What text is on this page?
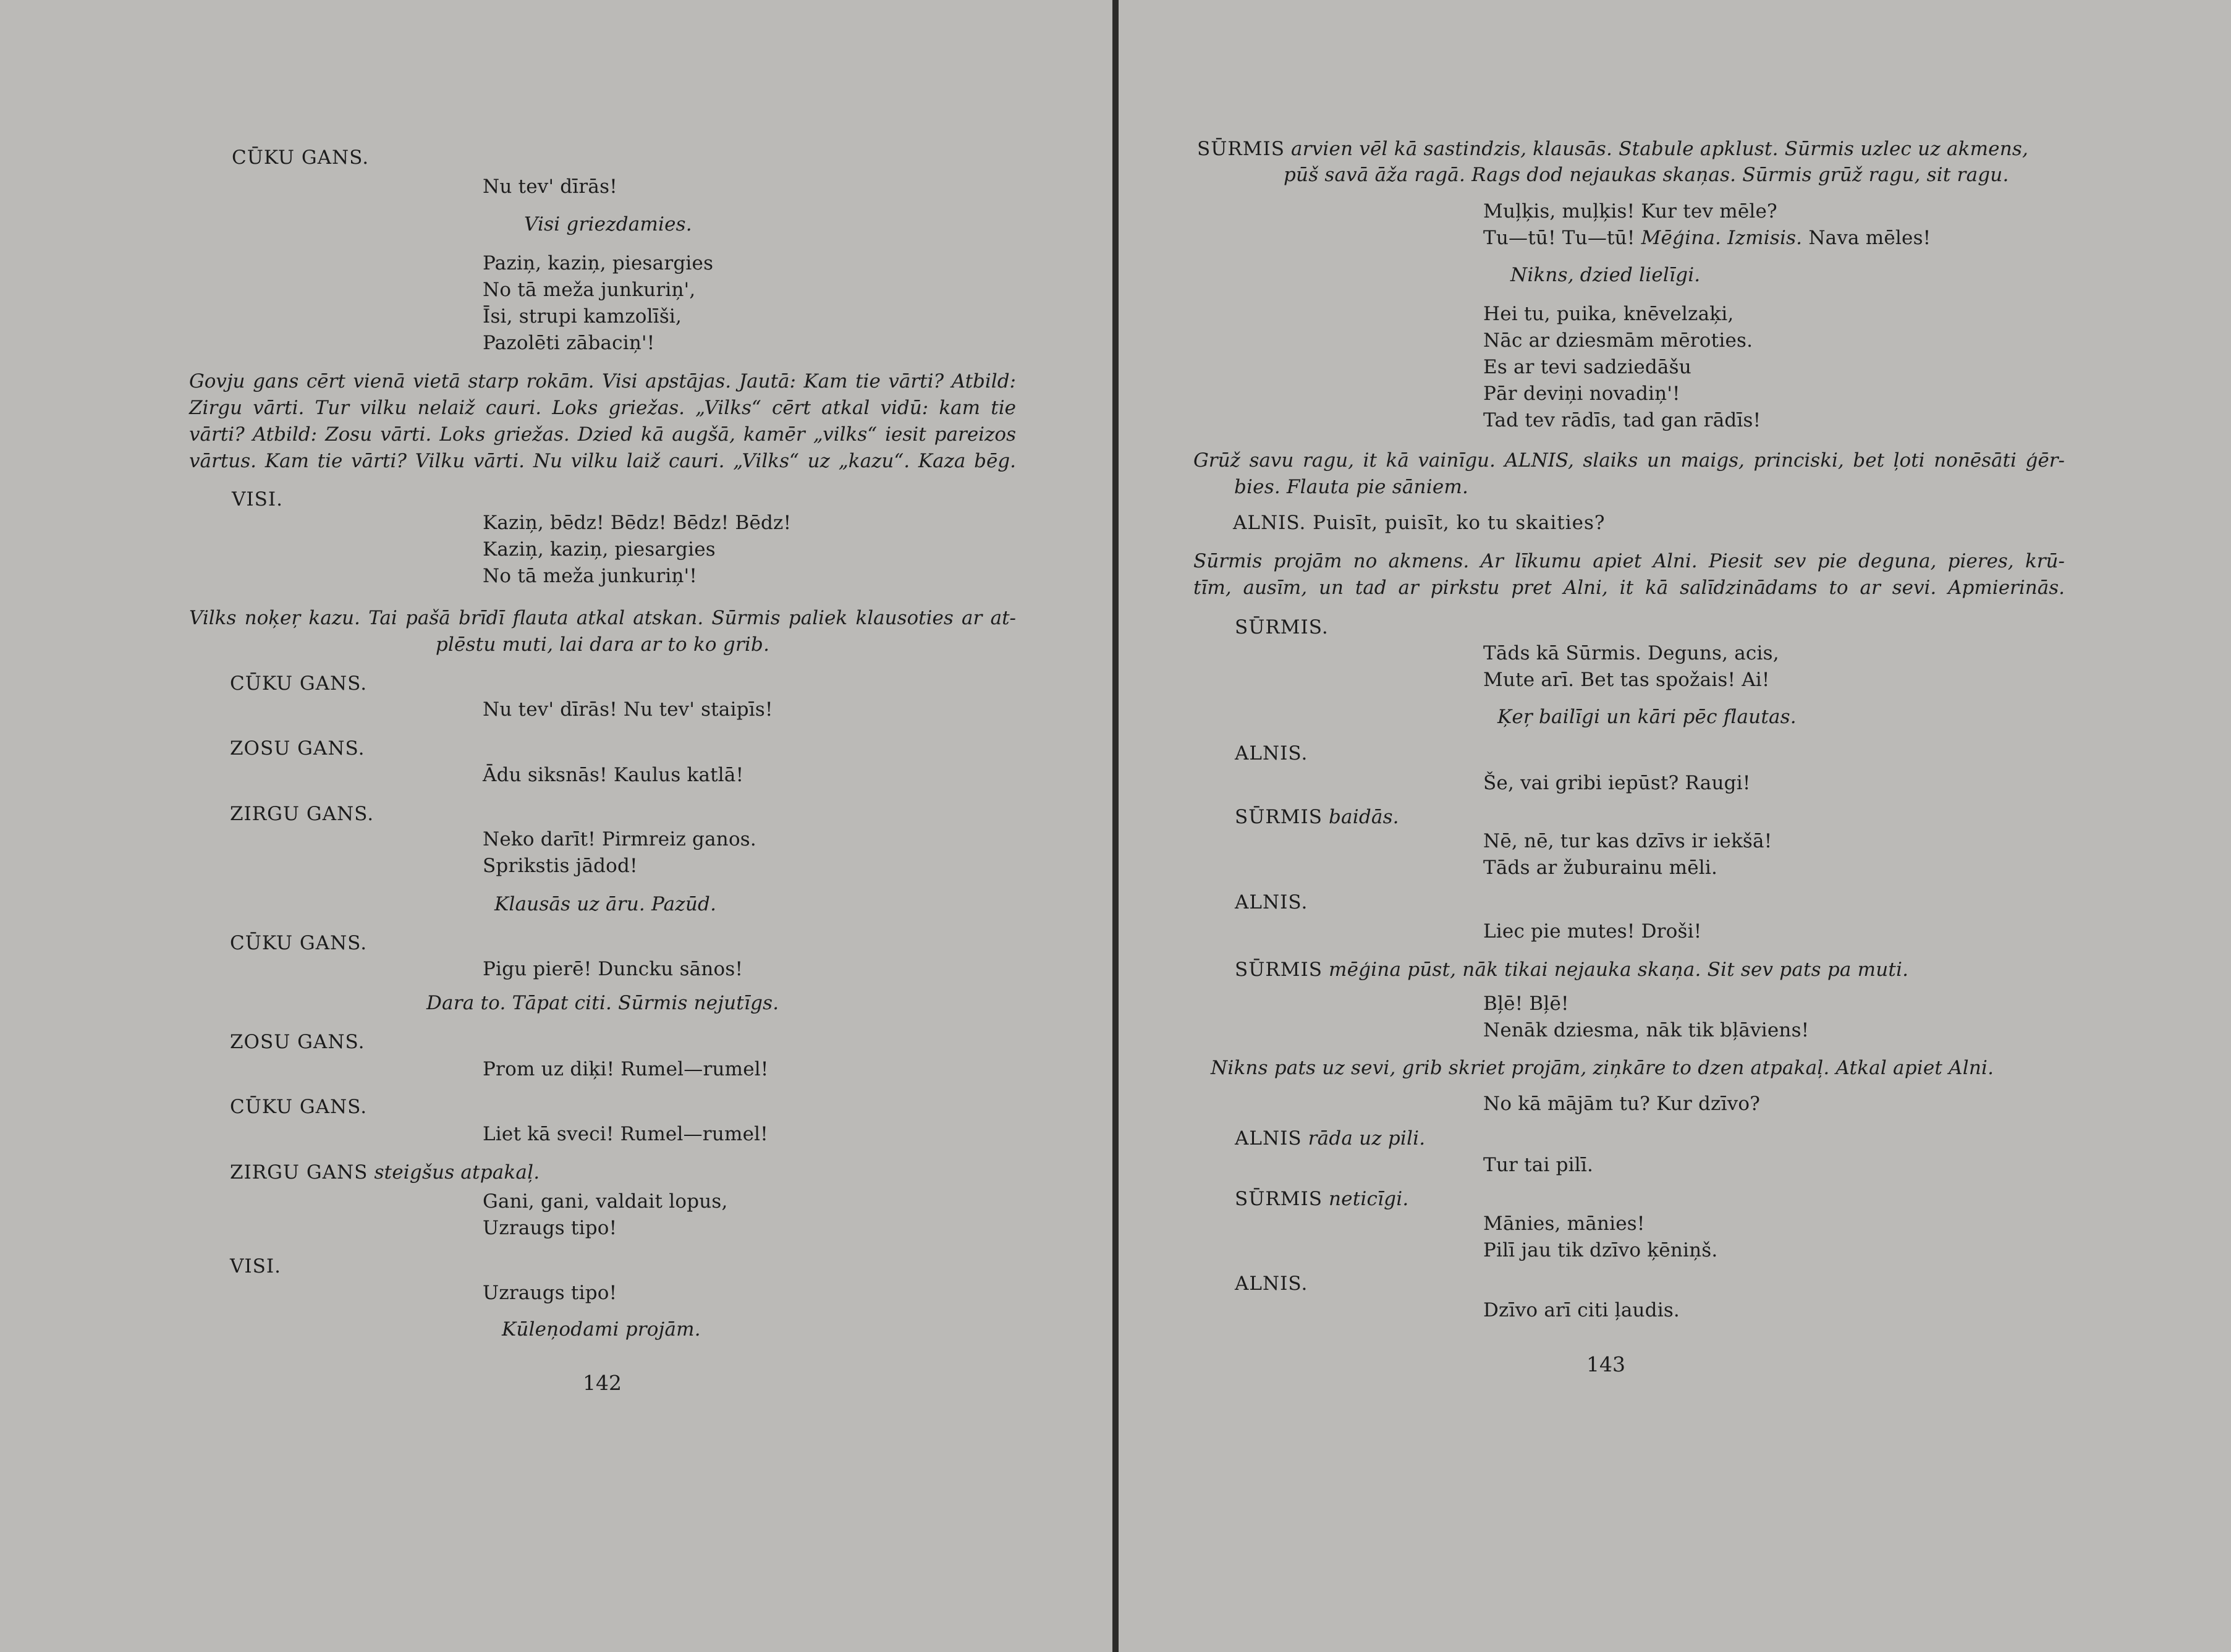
CŪKU GANS.
Nu tev' dīrās!
Visi griezdamies.
Paziņ, kaziņ, piesargies
No tā meža junkuriņ',
Īsi, strupi kamzolīši,
Pazolēti zābaciņ'!
Govju gans cērt vienā vietā starp rokām. Visi apstājas. Jautā: Kam tie vārti? Atbild:
Zirgu vārti. Tur vilku nelaiž cauri. Loks griežas. „Vilks“ cērt atkal vidū: kam tie
vārti? Atbild: Zosu vārti. Loks griežas. Dzied kā augšā, kamēr „vilks“ iesit pareizos
vārtus. Kam tie vārti? Vilku vārti. Nu vilku laiž cauri. „Vilks“ uz „kazu“. Kaza bēg.
VISI.
Kaziņ, bēdz! Bēdz! Bēdz! Bēdz!
Kaziņ, kaziņ, piesargies
No tā meža junkuriņ'!
Vilks noķeŗ kazu. Tai pašā brīdī flauta atkal atskan. Sūrmis paliek klausoties ar at-
plēstu muti, lai dara ar to ko grib.
CŪKU GANS.
Nu tev' dīrās! Nu tev' staipīs!
ZOSU GANS.
Ādu siksnās! Kaulus katlā!
ZIRGU GANS.
Neko darīt! Pirmreiz ganos.
Sprikstis jādod!
Klausās uz āru. Pazūd.
CŪKU GANS.
Pigu pierē! Duncku sānos!
Dara to. Tāpat citi. Sūrmis nejutīgs.
ZOSU GANS.
Prom uz diķi! Rumel—rumel!
CŪKU GANS.
Liet kā sveci! Rumel—rumel!
ZIRGU GANS steigšus atpakaļ.
Gani, gani, valdait lopus,
Uzraugs tipo!
VISI.
Uzraugs tipo!
Kūleņodami projām.
142
SŪRMIS arvien vēl kā sastindzis, klausās. Stabule apklust. Sūrmis uzlec uz akmens,
pūš savā āža ragā. Rags dod nejaukas skaņas. Sūrmis grūž ragu, sit ragu.
Muļķis, muļķis! Kur tev mēle?
Tu—tū! Tu—tū! Mēģina. Izmisis. Nava mēles!
Nikns, dzied lielīgi.
Hei tu, puika, knēvelzaķi,
Nāc ar dziesmām mēroties.
Es ar tevi sadziedāšu
Pār deviņi novadiņ'!
Tad tev rādīs, tad gan rādīs!
Grūž savu ragu, it kā vainīgu. ALNIS, slaiks un maigs, princiski, bet ļoti nonēsāti ģēr-
bies. Flauta pie sāniem.
ALNIS. Puisīt, puisīt, ko tu skaities?
Sūrmis projām no akmens. Ar līkumu apiet Alni. Piesit sev pie deguna, pieres, krū-
tīm, ausīm, un tad ar pirkstu pret Alni, it kā salīdzinādams to ar sevi. Apmierinās.
SŪRMIS.
Tāds kā Sūrmis. Deguns, acis,
Mute arī. Bet tas spožais! Ai!
Ķeŗ bailīgi un kāri pēc flautas.
ALNIS.
Še, vai gribi iepūst? Raugi!
SŪRMIS baidās.
Nē, nē, tur kas dzīvs ir iekšā!
Tāds ar žuburainu mēli.
ALNIS.
Liec pie mutes! Droši!
SŪRMIS mēģina pūst, nāk tikai nejauka skaņa. Sit sev pats pa muti.
Bļē! Bļē!
Nenāk dziesma, nāk tik bļāviens!
Nikns pats uz sevi, grib skriet projām, ziņkāre to dzen atpakaļ. Atkal apiet Alni.
No kā mājām tu? Kur dzīvo?
ALNIS rāda uz pili.
Tur tai pilī.
SŪRMIS neticīgi.
Mānies, mānies!
Pilī jau tik dzīvo ķēniņš.
ALNIS.
Dzīvo arī citi ļaudis.
143
